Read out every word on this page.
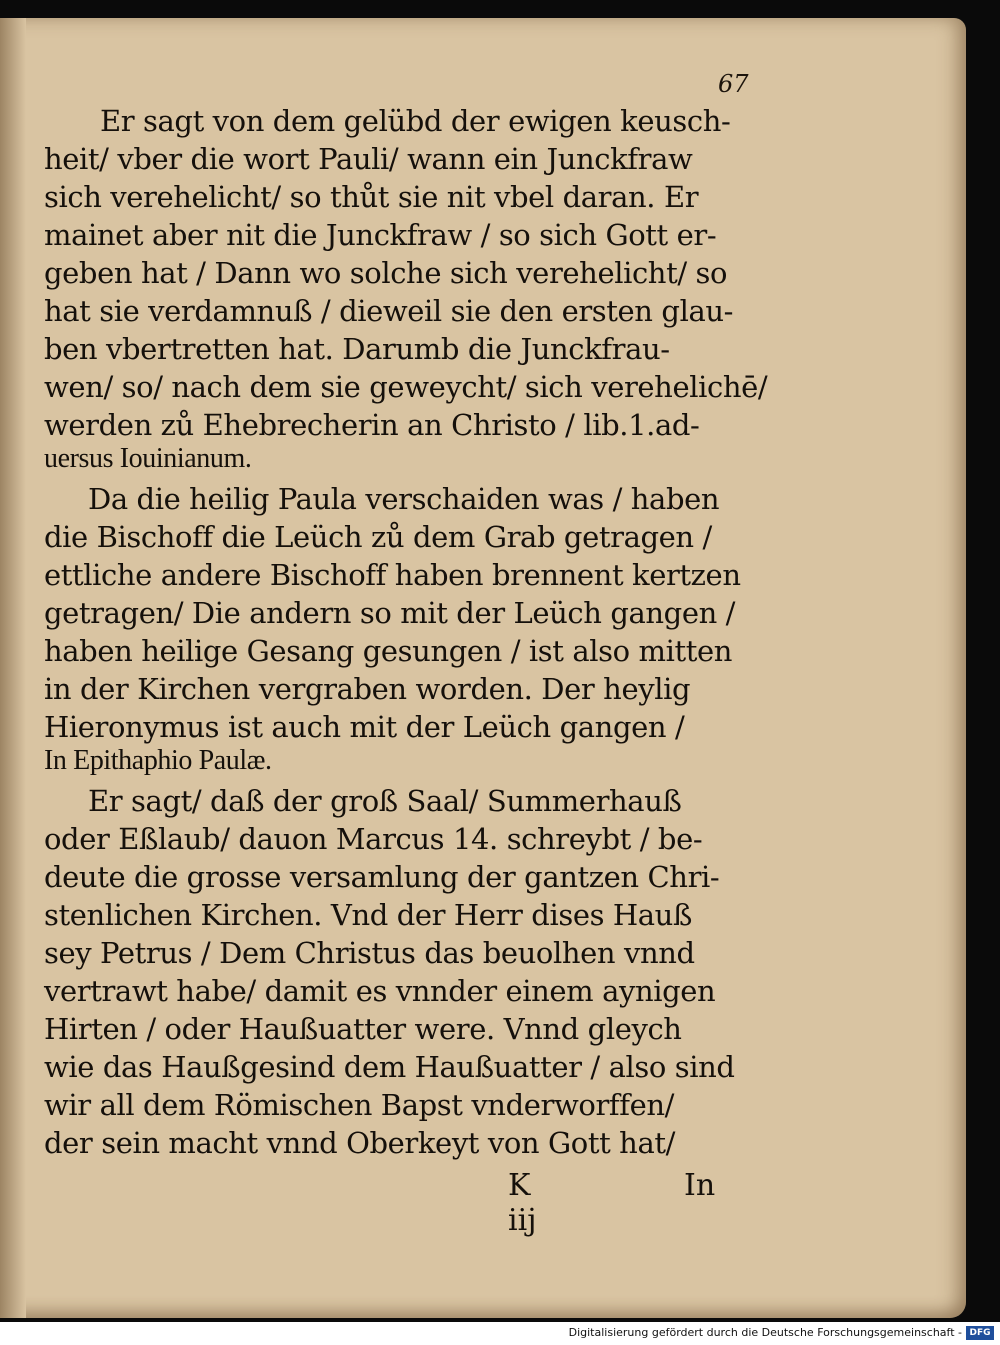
67
Er sagt von dem gelübd der ewigen keusch-
heit/ vber die wort Pauli/ wann ein Junckfraw
sich verehelicht/ so thůt sie nit vbel daran. Er
mainet aber nit die Junckfraw / so sich Gott er-
geben hat / Dann wo solche sich verehelicht/ so
hat sie verdamnuß / dieweil sie den ersten glau-
ben vbertretten hat. Darumb die Junckfrau-
wen/ so/ nach dem sie geweycht/ sich verehelichē/
werden zů Ehebrecherin an Christo / lib.1.ad-
uersus Iouinianum.
Da die heilig Paula verschaiden was / haben
die Bischoff die Leüch zů dem Grab getragen /
ettliche andere Bischoff haben brennent kertzen
getragen/ Die andern so mit der Leüch gangen /
haben heilige Gesang gesungen / ist also mitten
in der Kirchen vergraben worden. Der heylig
Hieronymus ist auch mit der Leüch gangen /
In Epithaphio Paulæ.
Er sagt/ daß der groß Saal/ Summerhauß
oder Eßlaub/ dauon Marcus 14. schreybt / be-
deute die grosse versamlung der gantzen Chri-
stenlichen Kirchen. Vnd der Herr dises Hauß
sey Petrus / Dem Christus das beuolhen vnnd
vertrawt habe/ damit es vnnder einem aynigen
Hirten / oder Haußuatter were. Vnnd gleych
wie das Haußgesind dem Haußuatter / also sind
wir all dem Römischen Bapst vnderworffen/
der sein macht vnnd Oberkeyt von Gott hat/
K iij
In
Digitalisierung gefördert durch die Deutsche Forschungsgemeinschaft - DFG
